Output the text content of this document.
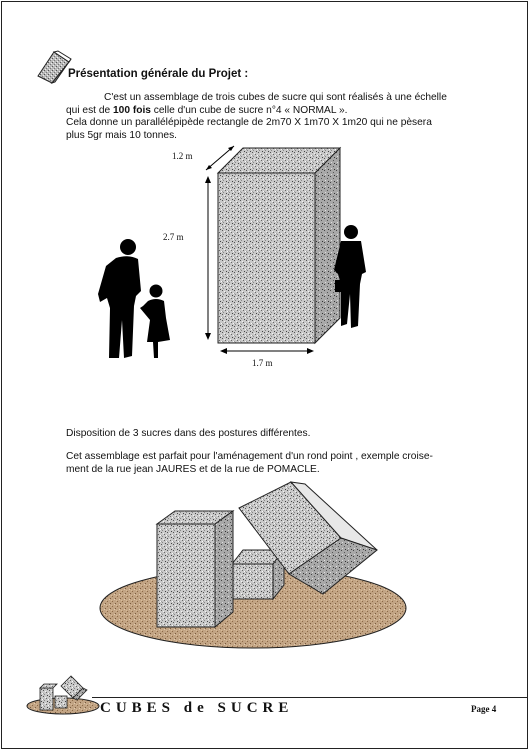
Présentation générale du Projet :
C'est un assemblage de trois cubes de sucre qui sont réalisés à une échelle
qui est de 100 fois celle d'un cube de sucre n°4 « NORMAL ».
Cela donne un parallélépipède rectangle de 2m70 X 1m70 X 1m20 qui ne pèsera
plus 5gr mais 10 tonnes.
1.2 m
2.7 m
1.7 m
Disposition de 3 sucres dans des postures différentes.
Cet assemblage est parfait pour l'aménagement d'un rond point , exemple croise-
ment de la rue jean JAURES et de la rue de POMACLE.
CUBES de SUCRE	Page 4
